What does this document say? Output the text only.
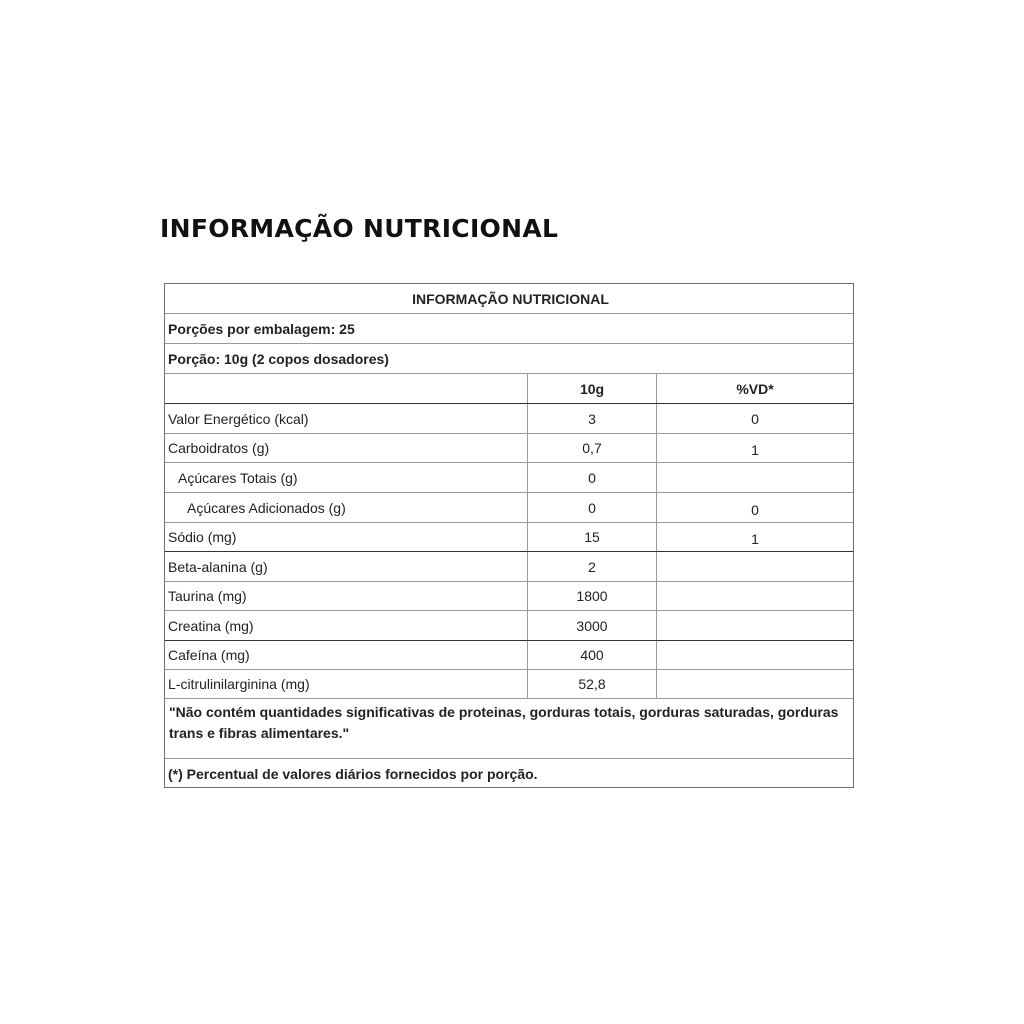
INFORMAÇÃO NUTRICIONAL
INFORMAÇÃO NUTRICIONAL
Porções por embalagem: 25
Porção: 10g (2 copos dosadores)
10g	%VD*
Valor Energético (kcal)	3	0
Carboidratos (g)	0,7	1
Açúcares Totais (g)	0
Açúcares Adicionados (g)	0	0
Sódio (mg)	15	1
Beta-alanina (g)	2
Taurina (mg)	1800
Creatina (mg)	3000
Cafeína (mg)	400
L-citrulinilarginina (mg)	52,8
"Não contém quantidades significativas de proteinas, gorduras totais, gorduras saturadas, gorduras trans e fibras alimentares."
(*) Percentual de valores diários fornecidos por porção.
